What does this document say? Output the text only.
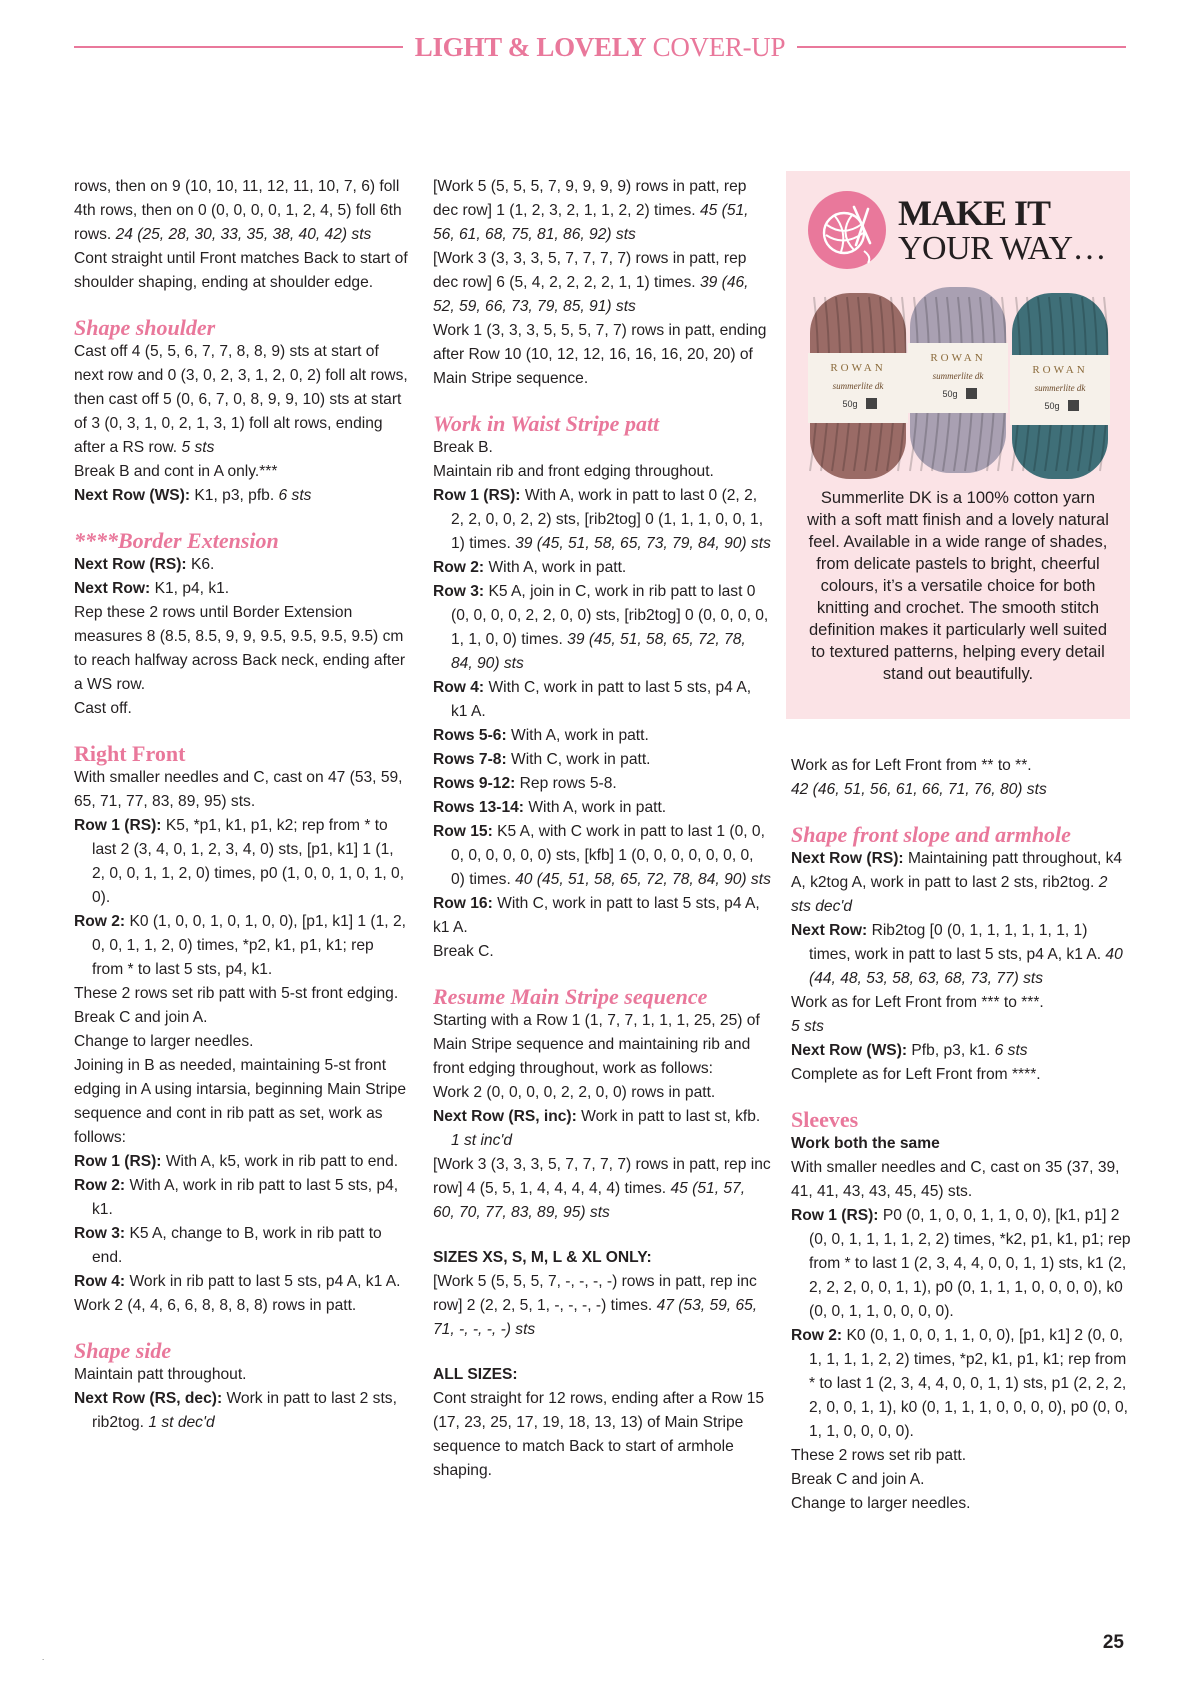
LIGHT & LOVELY COVER-UP
rows, then on 9 (10, 10, 11, 12, 11, 10, 7, 6) foll 4th rows, then on 0 (0, 0, 0, 0, 1, 2, 4, 5) foll 6th rows. 24 (25, 28, 30, 33, 35, 38, 40, 42) sts
Cont straight until Front matches Back to start of shoulder shaping, ending at shoulder edge.
Shape shoulder
Cast off 4 (5, 5, 6, 7, 7, 8, 8, 9) sts at start of next row and 0 (3, 0, 2, 3, 1, 2, 0, 2) foll alt rows, then cast off 5 (0, 6, 7, 0, 8, 9, 9, 10) sts at start of 3 (0, 3, 1, 0, 2, 1, 3, 1) foll alt rows, ending after a RS row. 5 sts
Break B and cont in A only.***
Next Row (WS): K1, p3, pfb. 6 sts
****Border Extension
Next Row (RS): K6.
Next Row: K1, p4, k1.
Rep these 2 rows until Border Extension measures 8 (8.5, 8.5, 9, 9, 9.5, 9.5, 9.5, 9.5) cm to reach halfway across Back neck, ending after a WS row.
Cast off.
Right Front
With smaller needles and C, cast on 47 (53, 59, 65, 71, 77, 83, 89, 95) sts.
Row 1 (RS): K5, *p1, k1, p1, k2; rep from * to last 2 (3, 4, 0, 1, 2, 3, 4, 0) sts, [p1, k1] 1 (1, 2, 0, 0, 1, 1, 2, 0) times, p0 (1, 0, 0, 1, 0, 1, 0, 0).
Row 2: K0 (1, 0, 0, 1, 0, 1, 0, 0), [p1, k1] 1 (1, 2, 0, 0, 1, 1, 2, 0) times, *p2, k1, p1, k1; rep from * to last 5 sts, p4, k1.
These 2 rows set rib patt with 5-st front edging.
Break C and join A.
Change to larger needles.
Joining in B as needed, maintaining 5-st front edging in A using intarsia, beginning Main Stripe sequence and cont in rib patt as set, work as follows:
Row 1 (RS): With A, k5, work in rib patt to end.
Row 2: With A, work in rib patt to last 5 sts, p4, k1.
Row 3: K5 A, change to B, work in rib patt to end.
Row 4: Work in rib patt to last 5 sts, p4 A, k1 A.
Work 2 (4, 4, 6, 6, 8, 8, 8, 8) rows in patt.
Shape side
Maintain patt throughout.
Next Row (RS, dec): Work in patt to last 2 sts, rib2tog. 1 st dec'd
[Work 5 (5, 5, 5, 7, 9, 9, 9, 9) rows in patt, rep dec row] 1 (1, 2, 3, 2, 1, 1, 2, 2) times. 45 (51, 56, 61, 68, 75, 81, 86, 92) sts
[Work 3 (3, 3, 3, 5, 7, 7, 7, 7) rows in patt, rep dec row] 6 (5, 4, 2, 2, 2, 2, 1, 1) times. 39 (46, 52, 59, 66, 73, 79, 85, 91) sts
Work 1 (3, 3, 3, 5, 5, 5, 7, 7) rows in patt, ending after Row 10 (10, 12, 12, 16, 16, 16, 20, 20) of Main Stripe sequence.
Work in Waist Stripe patt
Break B.
Maintain rib and front edging throughout.
Row 1 (RS): With A, work in patt to last 0 (2, 2, 2, 2, 0, 0, 2, 2) sts, [rib2tog] 0 (1, 1, 1, 0, 0, 1, 1) times. 39 (45, 51, 58, 65, 73, 79, 84, 90) sts
Row 2: With A, work in patt.
Row 3: K5 A, join in C, work in rib patt to last 0 (0, 0, 0, 0, 2, 2, 0, 0) sts, [rib2tog] 0 (0, 0, 0, 0, 1, 1, 0, 0) times. 39 (45, 51, 58, 65, 72, 78, 84, 90) sts
Row 4: With C, work in patt to last 5 sts, p4 A, k1 A.
Rows 5-6: With A, work in patt.
Rows 7-8: With C, work in patt.
Rows 9-12: Rep rows 5-8.
Rows 13-14: With A, work in patt.
Row 15: K5 A, with C work in patt to last 1 (0, 0, 0, 0, 0, 0, 0, 0) sts, [kfb] 1 (0, 0, 0, 0, 0, 0, 0, 0) times. 40 (45, 51, 58, 65, 72, 78, 84, 90) sts
Row 16: With C, work in patt to last 5 sts, p4 A, k1 A.
Break C.
Resume Main Stripe sequence
Starting with a Row 1 (1, 7, 7, 1, 1, 1, 25, 25) of Main Stripe sequence and maintaining rib and front edging throughout, work as follows:
Work 2 (0, 0, 0, 0, 2, 2, 0, 0) rows in patt.
Next Row (RS, inc): Work in patt to last st, kfb. 1 st inc'd
[Work 3 (3, 3, 3, 5, 7, 7, 7, 7) rows in patt, rep inc row] 4 (5, 5, 1, 4, 4, 4, 4, 4) times. 45 (51, 57, 60, 70, 77, 83, 89, 95) sts
SIZES XS, S, M, L & XL ONLY:
[Work 5 (5, 5, 5, 7, -, -, -, -) rows in patt, rep inc row] 2 (2, 2, 5, 1, -, -, -, -) times. 47 (53, 59, 65, 71, -, -, -, -) sts
ALL SIZES:
Cont straight for 12 rows, ending after a Row 15 (17, 23, 25, 17, 19, 18, 13, 13) of Main Stripe sequence to match Back to start of armhole shaping.
MAKE IT
YOUR WAY…
ROWAN
summerlite dk
50g
ROWAN
summerlite dk
50g
ROWAN
summerlite dk
50g
Summerlite DK is a 100% cotton yarn with a soft matt finish and a lovely natural feel. Available in a wide range of shades, from delicate pastels to bright, cheerful colours, it’s a versatile choice for both knitting and crochet. The smooth stitch definition makes it particularly well suited to textured patterns, helping every detail stand out beautifully.
Work as for Left Front from ** to **.
42 (46, 51, 56, 61, 66, 71, 76, 80) sts
Shape front slope and armhole
Next Row (RS): Maintaining patt throughout, k4 A, k2tog A, work in patt to last 2 sts, rib2tog. 2 sts dec'd
Next Row: Rib2tog [0 (0, 1, 1, 1, 1, 1, 1, 1) times, work in patt to last 5 sts, p4 A, k1 A. 40 (44, 48, 53, 58, 63, 68, 73, 77) sts
Work as for Left Front from *** to ***.
5 sts
Next Row (WS): Pfb, p3, k1. 6 sts
Complete as for Left Front from ****.
Sleeves
Work both the same
With smaller needles and C, cast on 35 (37, 39, 41, 41, 43, 43, 45, 45) sts.
Row 1 (RS): P0 (0, 1, 0, 0, 1, 1, 0, 0), [k1, p1] 2 (0, 0, 1, 1, 1, 1, 2, 2) times, *k2, p1, k1, p1; rep from * to last 1 (2, 3, 4, 4, 0, 0, 1, 1) sts, k1 (2, 2, 2, 2, 0, 0, 1, 1), p0 (0, 1, 1, 1, 0, 0, 0, 0), k0 (0, 0, 1, 1, 0, 0, 0, 0).
Row 2: K0 (0, 1, 0, 0, 1, 1, 0, 0), [p1, k1] 2 (0, 0, 1, 1, 1, 1, 2, 2) times, *p2, k1, p1, k1; rep from * to last 1 (2, 3, 4, 4, 0, 0, 1, 1) sts, p1 (2, 2, 2, 2, 0, 0, 1, 1), k0 (0, 1, 1, 1, 0, 0, 0, 0), p0 (0, 0, 1, 1, 0, 0, 0, 0).
These 2 rows set rib patt.
Break C and join A.
Change to larger needles.
25
.
